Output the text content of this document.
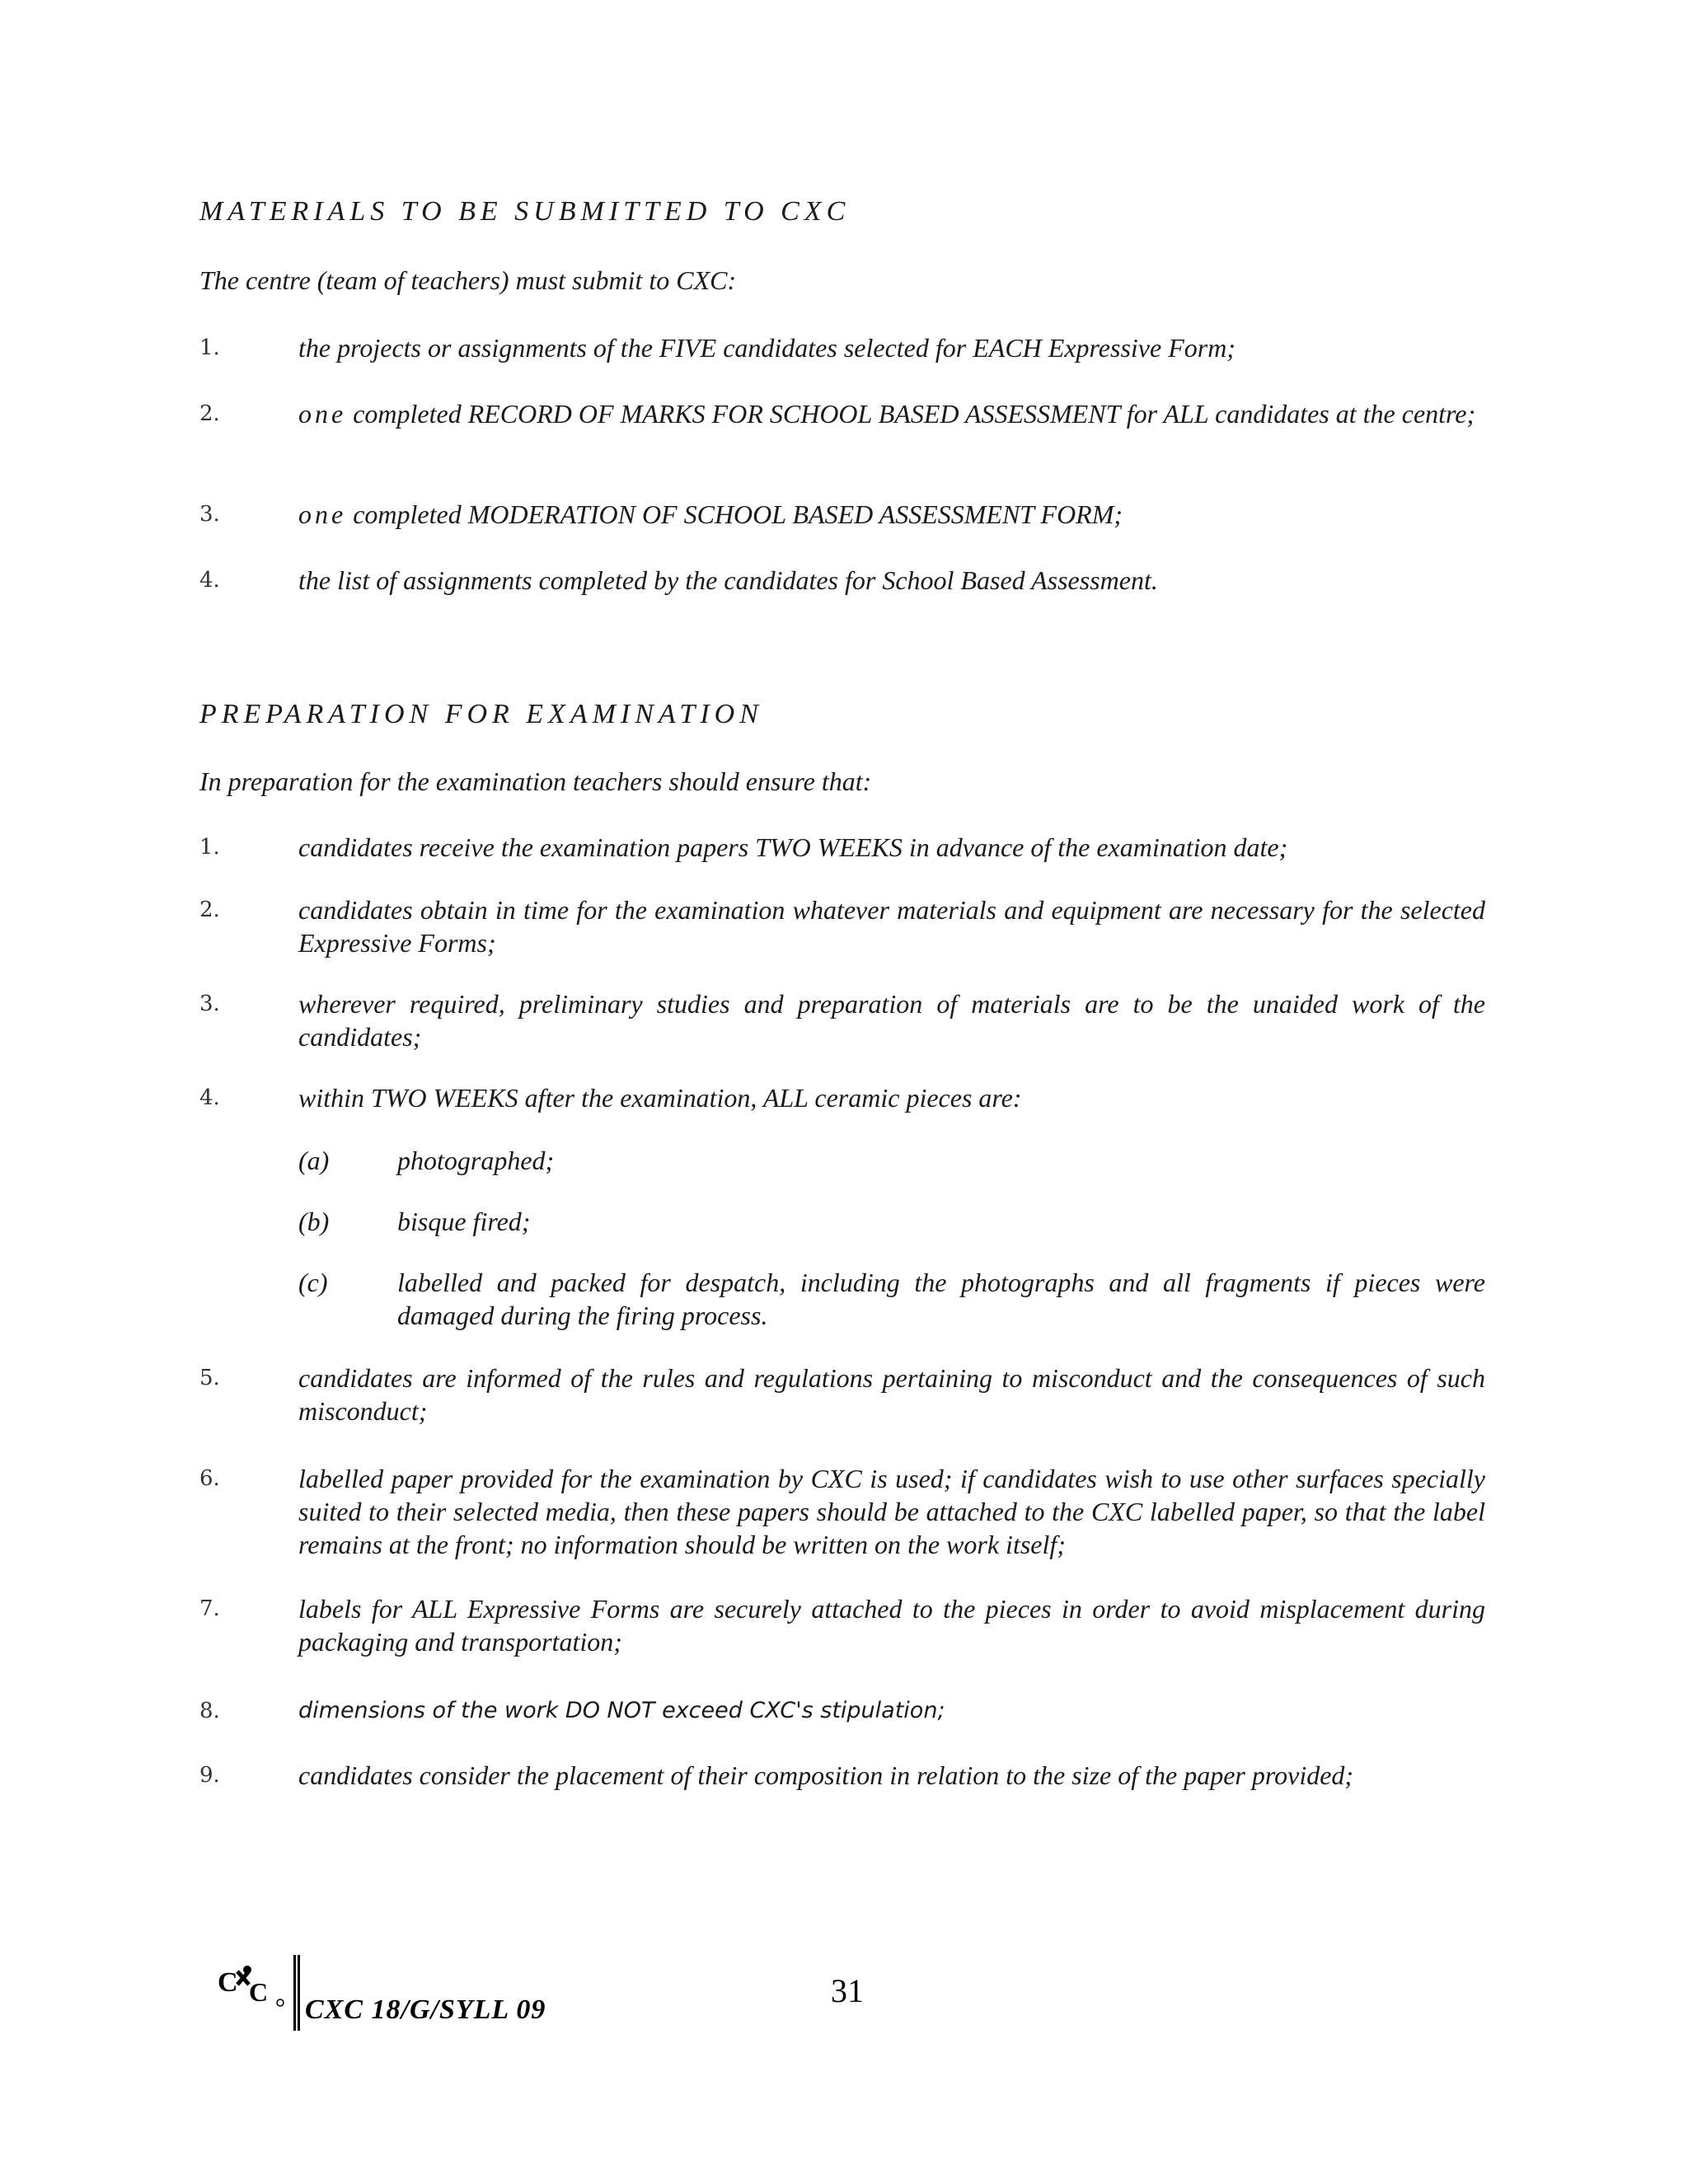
MATERIALS TO BE SUBMITTED TO CXC

The centre (team of teachers) must submit to CXC:

1.	the projects or assignments of the FIVE candidates selected for EACH Expressive Form;
2.	one completed RECORD OF MARKS FOR SCHOOL BASED ASSESSMENT for ALL candidates at the centre;
3.	one completed MODERATION OF SCHOOL BASED ASSESSMENT FORM;
4.	the list of assignments completed by the candidates for School Based Assessment.
PREPARATION FOR EXAMINATION

In preparation for the examination teachers should ensure that:

1.	candidates receive the examination papers TWO WEEKS in advance of the examination date;
2.	candidates obtain in time for the examination whatever materials and equipment are necessary for the selected Expressive Forms;
3.	wherever required, preliminary studies and preparation of materials are to be the unaided work of the candidates;
4.	within TWO WEEKS after the examination, ALL ceramic pieces are:
(a)	photographed;
(b)	bisque fired;
(c)	labelled and packed for despatch, including the photographs and all fragments if pieces were damaged during the firing process.
5.	candidates are informed of the rules and regulations pertaining to misconduct and the consequences of such misconduct;
6.	labelled paper provided for the examination by CXC is used; if candidates wish to use other surfaces specially suited to their selected media, then these papers should be attached to the CXC labelled paper, so that the label remains at the front; no information should be written on the work itself;
7.	labels for ALL Expressive Forms are securely attached to the pieces in order to avoid misplacement during packaging and transportation;
8.	dimensions of the work DO NOT exceed CXC's stipulation;
9.	candidates consider the placement of their composition in relation to the size of the paper provided;
C C
CXC 18/G/SYLL 09
31
